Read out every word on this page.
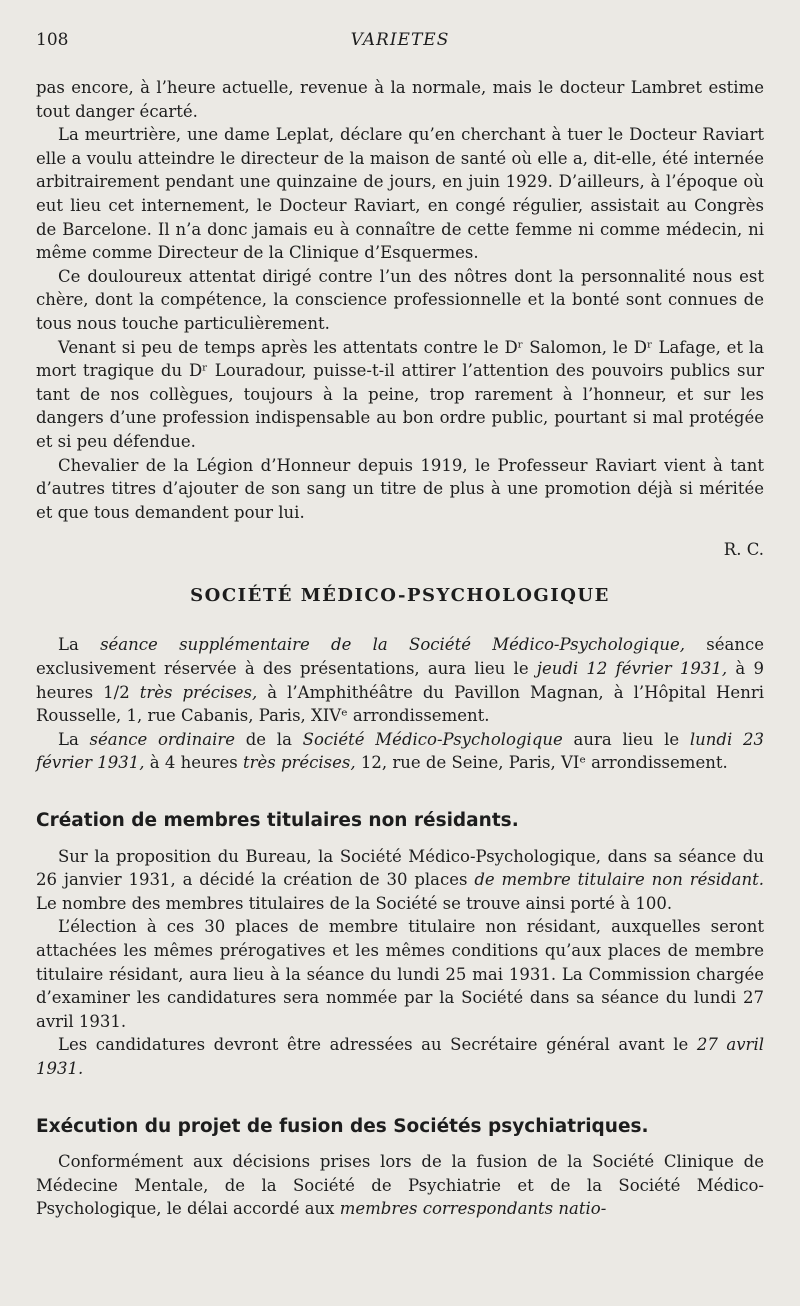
108	VARIETES

pas encore, à l’heure actuelle, revenue à la normale, mais le docteur Lambret estime tout danger écarté.

La meurtrière, une dame Leplat, déclare qu’en cherchant à tuer le Docteur Raviart elle a voulu atteindre le directeur de la maison de santé où elle a, dit-elle, été internée arbitrairement pendant une quinzaine de jours, en juin 1929. D’ailleurs, à l’époque où eut lieu cet internement, le Docteur Raviart, en congé régulier, assistait au Congrès de Barcelone. Il n’a donc jamais eu à connaître de cette femme ni comme médecin, ni même comme Directeur de la Clinique d’Esquermes.

Ce douloureux attentat dirigé contre l’un des nôtres dont la personnalité nous est chère, dont la compétence, la conscience professionnelle et la bonté sont connues de tous nous touche particulièrement.

Venant si peu de temps après les attentats contre le Dʳ Salomon, le Dʳ Lafage, et la mort tragique du Dʳ Louradour, puisse-t-il attirer l’attention des pouvoirs publics sur tant de nos collègues, toujours à la peine, trop rarement à l’honneur, et sur les dangers d’une profession indispensable au bon ordre public, pourtant si mal protégée et si peu défendue.

Chevalier de la Légion d’Honneur depuis 1919, le Professeur Raviart vient à tant d’autres titres d’ajouter de son sang un titre de plus à une promotion déjà si méritée et que tous demandent pour lui.

R. C.

SOCIÉTÉ MÉDICO-PSYCHOLOGIQUE

La séance supplémentaire de la Société Médico-Psychologique, séance exclusivement réservée à des présentations, aura lieu le jeudi 12 février 1931, à 9 heures 1/2 très précises, à l’Amphithéâtre du Pavillon Magnan, à l’Hôpital Henri Rousselle, 1, rue Cabanis, Paris, XIVᵉ arrondissement.

La séance ordinaire de la Société Médico-Psychologique aura lieu le lundi 23 février 1931, à 4 heures très précises, 12, rue de Seine, Paris, VIᵉ arrondissement.

Création de membres titulaires non résidants.

Sur la proposition du Bureau, la Société Médico-Psychologique, dans sa séance du 26 janvier 1931, a décidé la création de 30 places de membre titulaire non résidant. Le nombre des membres titulaires de la Société se trouve ainsi porté à 100.

L’élection à ces 30 places de membre titulaire non résidant, auxquelles seront attachées les mêmes prérogatives et les mêmes conditions qu’aux places de membre titulaire résidant, aura lieu à la séance du lundi 25 mai 1931. La Commission chargée d’examiner les candidatures sera nommée par la Société dans sa séance du lundi 27 avril 1931.

Les candidatures devront être adressées au Secrétaire général avant le 27 avril 1931.

Exécution du projet de fusion des Sociétés psychiatriques.

Conformément aux décisions prises lors de la fusion de la Société Clinique de Médecine Mentale, de la Société de Psychiatrie et de la Société Médico-Psychologique, le délai accordé aux membres correspondants natio-
